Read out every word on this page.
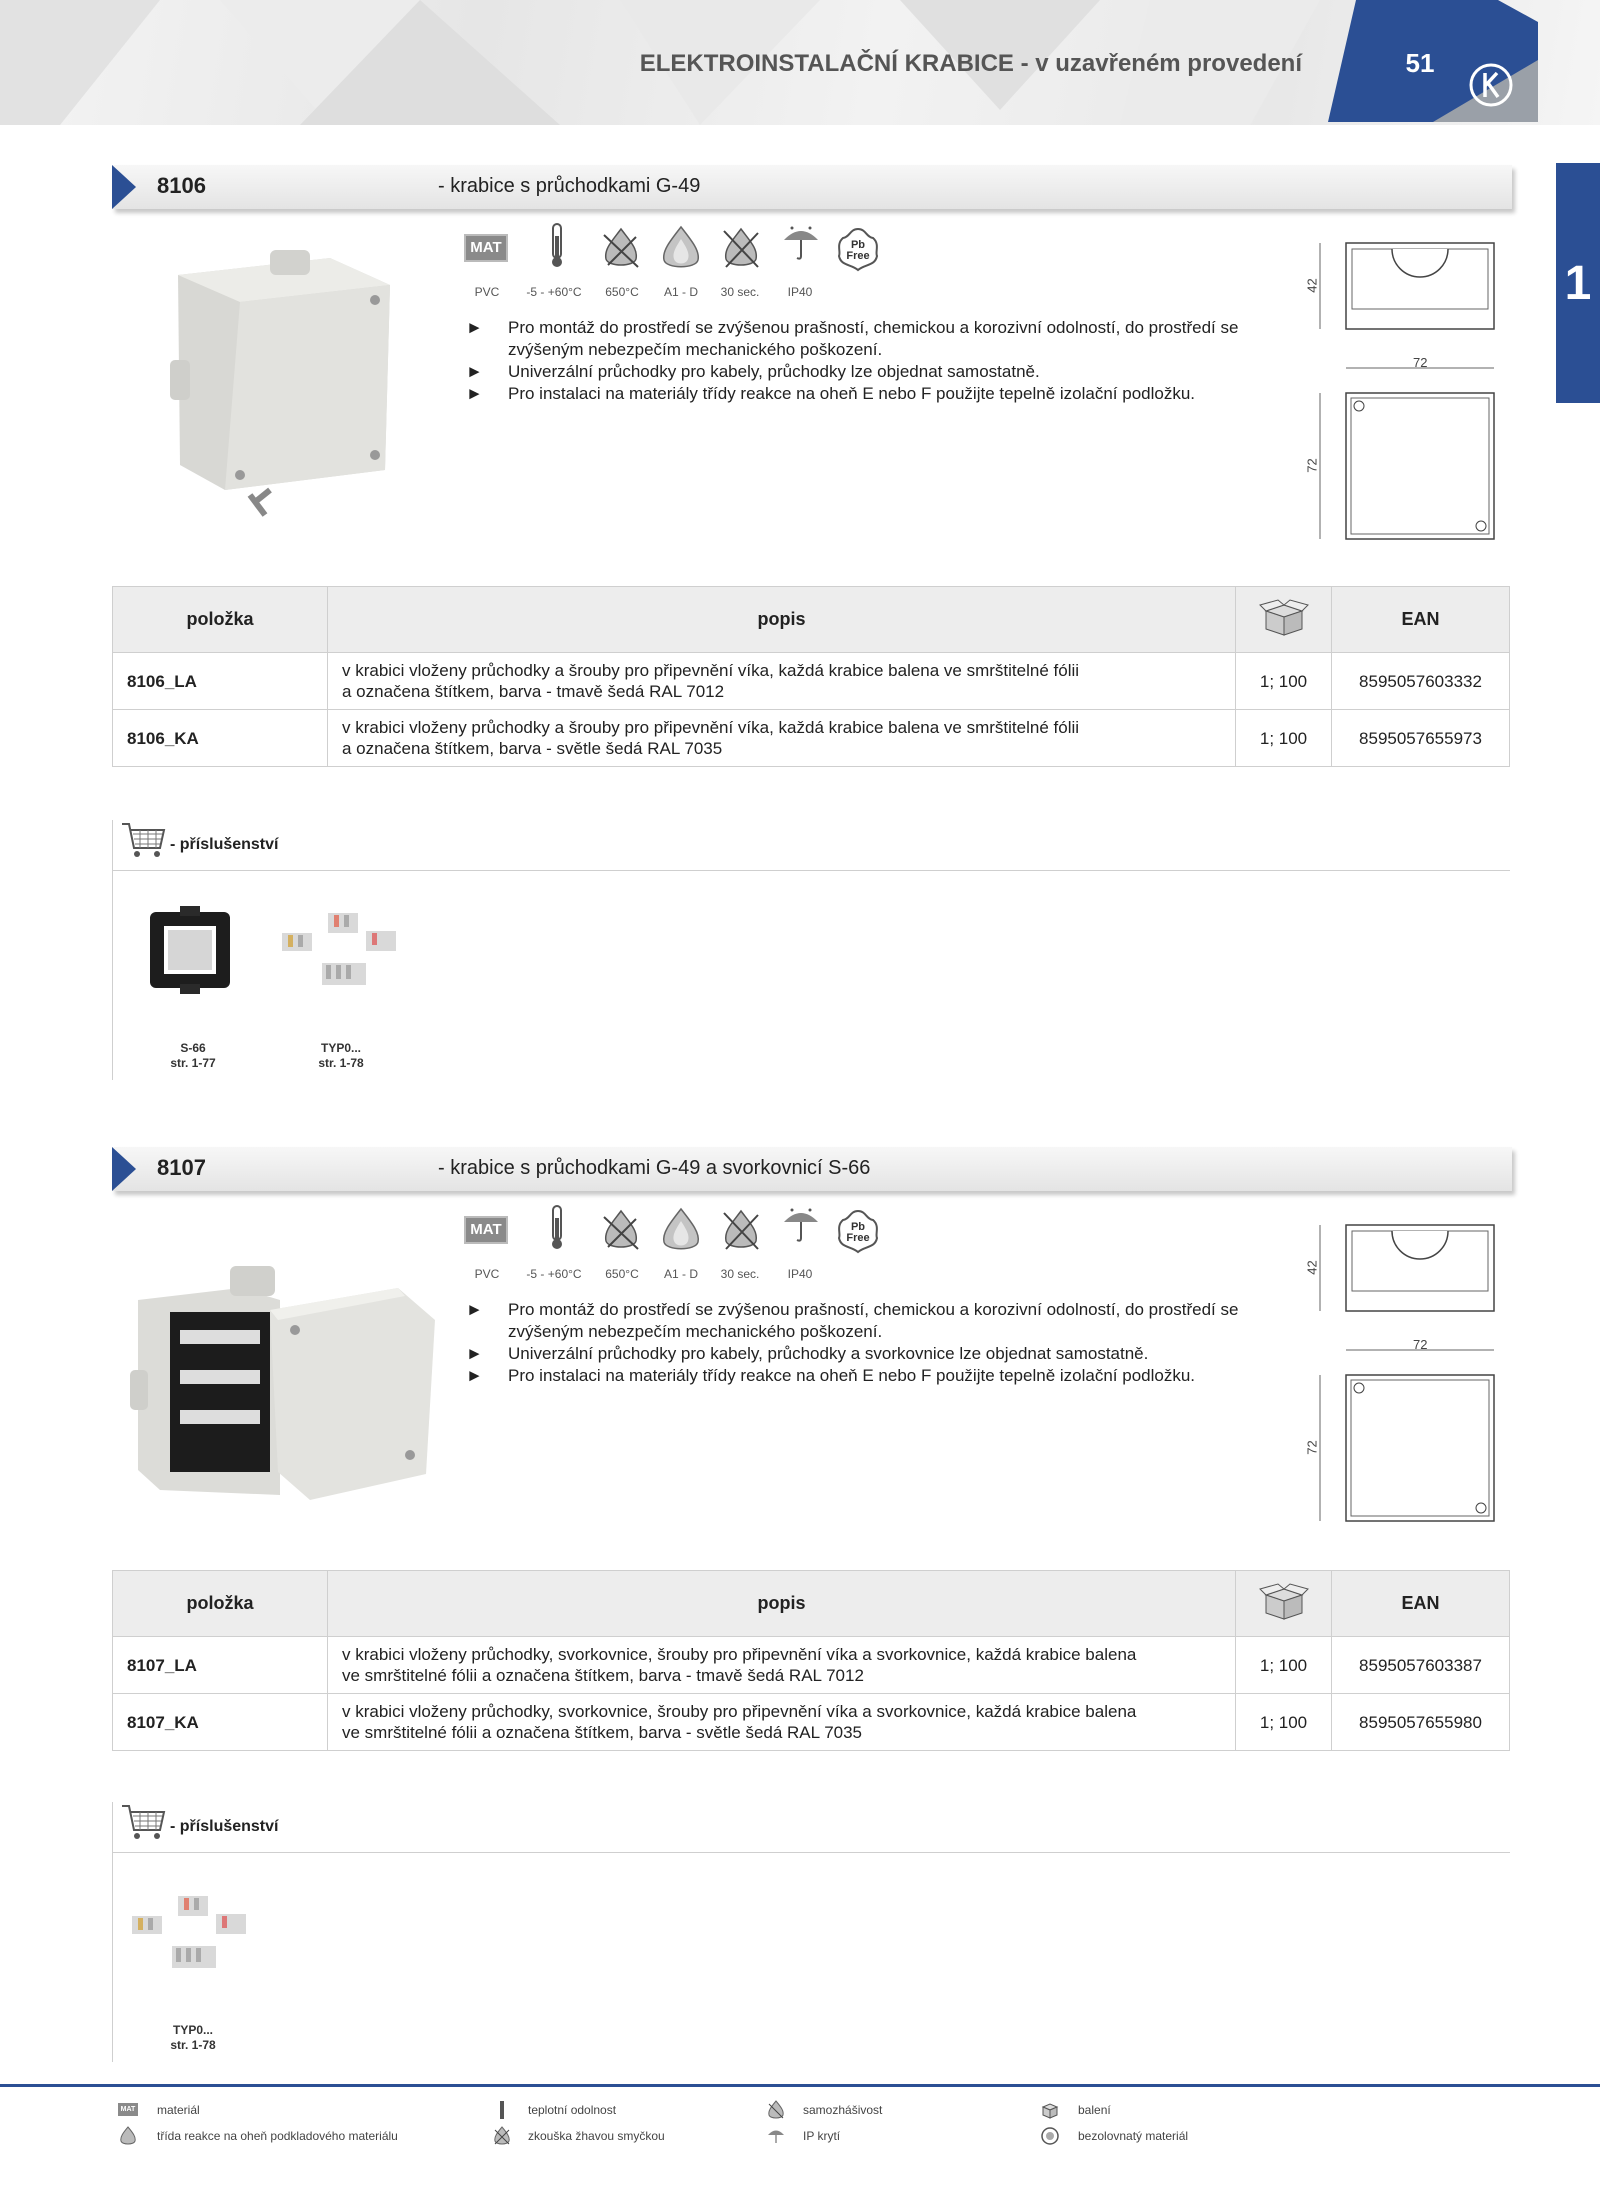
ELEKTROINSTALAČNÍ KRABICE - v uzavřeném provedení	51
1
8106	- krabice s průchodkami G-49
MAT	Pb
Free
PVC	-5 - +60°C	650°C	A1 - D	30 sec.	IP40
► Pro montáž do prostředí se zvýšenou prašností, chemickou a korozivní odolností, do prostředí se zvýšeným nebezpečím mechanického poškození.
► Univerzální průchodky pro kabely, průchodky lze objednat samostatně.
► Pro instalaci na materiály třídy reakce na oheň E nebo F použijte tepelně izolační podložku.
42
72
72
položka	popis		EAN
8106_LA	v krabici vloženy průchodky a šrouby pro připevnění víka, každá krabice balena ve smrštitelné fólii
a označena štítkem, barva - tmavě šedá RAL 7012	1; 100	8595057603332
8106_KA	v krabici vloženy průchodky a šrouby pro připevnění víka, každá krabice balena ve smrštitelné fólii
a označena štítkem, barva - světle šedá RAL 7035	1; 100	8595057655973
- příslušenství
S-66
str. 1-77
TYP0...
str. 1-78
8107	- krabice s průchodkami G-49 a svorkovnicí S-66
MAT	Pb
Free
PVC	-5 - +60°C	650°C	A1 - D	30 sec.	IP40
► Pro montáž do prostředí se zvýšenou prašností, chemickou a korozivní odolností, do prostředí se zvýšeným nebezpečím mechanického poškození.
► Univerzální průchodky pro kabely, průchodky a svorkovnice lze objednat samostatně.
► Pro instalaci na materiály třídy reakce na oheň E nebo F použijte tepelně izolační podložku.
42
72
72
položka	popis		EAN
8107_LA	v krabici vloženy průchodky, svorkovnice, šrouby pro připevnění víka a svorkovnice, každá krabice balena
ve smrštitelné fólii a označena štítkem, barva - tmavě šedá RAL 7012	1; 100	8595057603387
8107_KA	v krabici vloženy průchodky, svorkovnice, šrouby pro připevnění víka a svorkovnice, každá krabice balena
ve smrštitelné fólii a označena štítkem, barva - světle šedá RAL 7035	1; 100	8595057655980
- příslušenství
TYP0...
str. 1-78
MAT materiál
třída reakce na oheň podkladového materiálu
teplotní odolnost
zkouška žhavou smyčkou
samozhášivost
IP krytí
balení
bezolovnatý materiál
